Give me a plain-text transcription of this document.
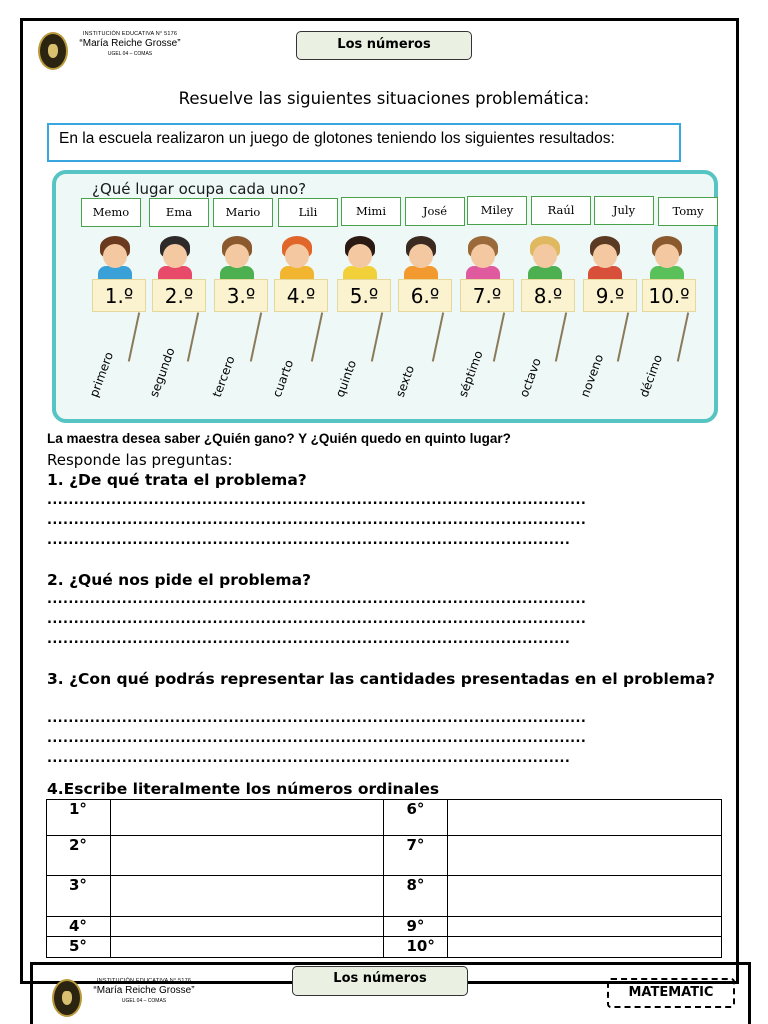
INSTITUCIÓN EDUCATIVA N° 5176
“María Reiche Grosse”
UGEL 04 – COMAS
Los números
Resuelve las siguientes situaciones problemática:
En la escuela realizaron un juego de glotones teniendo los siguientes resultados:
¿Qué lugar ocupa cada uno?
Memo	Ema	Mario	Lili	Mimi	José	Miley	Raúl	July	Tomy
1.º
primero
2.º
segundo
3.º
tercero
4.º
cuarto
5.º
quinto
6.º
sexto
7.º
séptimo
8.º
octavo
9.º
noveno
10.º
décimo
La maestra desea saber ¿Quién gano? Y ¿Quién quedo en quinto lugar?
Responde las preguntas:
1. ¿De qué trata el problema?
.....................................................................................................
.....................................................................................................
..................................................................................................
2. ¿Qué nos pide el problema?
.....................................................................................................
.....................................................................................................
..................................................................................................
3. ¿Con qué podrás representar las cantidades presentadas en el problema?
.....................................................................................................
.....................................................................................................
..................................................................................................
4.Escribe literalmente los números ordinales
1°		6°	
2°		7°	
3°		8°	
4°		9°	
5°		10°	
INSTITUCIÓN EDUCATIVA N° 5176
“María Reiche Grosse”
UGEL 04 – COMAS
Los números
MATEMATIC
